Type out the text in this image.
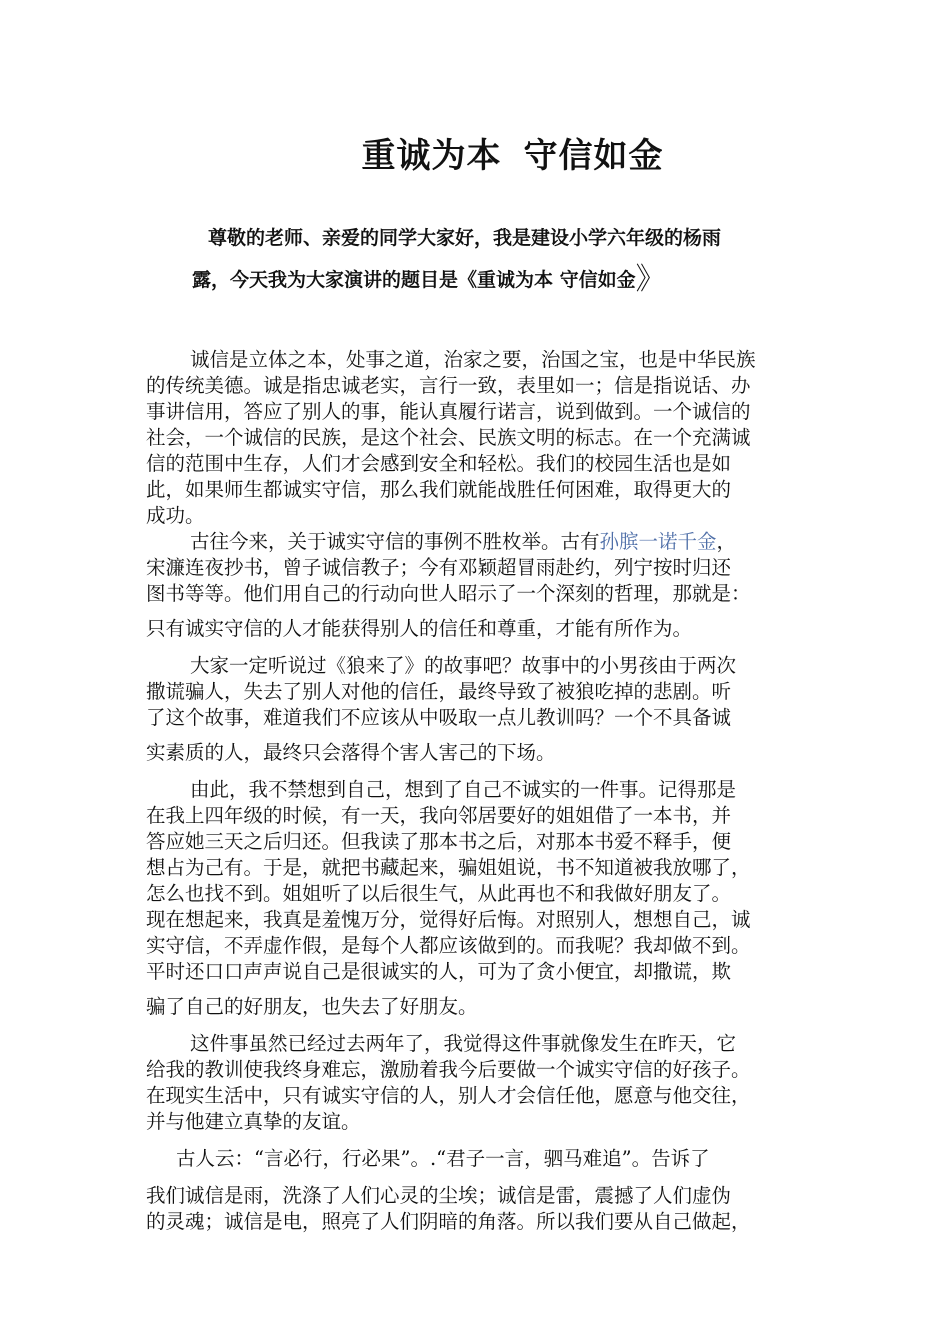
重诚为本 守信如金
尊敬的老师、亲爱的同学大家好，我是建设小学六年级的杨雨
露，今天我为大家演讲的题目是《重诚为本 守信如金》
诚信是立体之本，处事之道，治家之要，治国之宝，也是中华民族
的传统美德。诚是指忠诚老实，言行一致，表里如一；信是指说话、办
事讲信用，答应了别人的事，能认真履行诺言，说到做到。一个诚信的
社会，一个诚信的民族，是这个社会、民族文明的标志。在一个充满诚
信的范围中生存，人们才会感到安全和轻松。我们的校园生活也是如
此，如果师生都诚实守信，那么我们就能战胜任何困难，取得更大的
成功。
古往今来，关于诚实守信的事例不胜枚举。古有孙膑一诺千金，
宋濂连夜抄书，曾子诚信教子；今有邓颖超冒雨赴约，列宁按时归还
图书等等。他们用自己的行动向世人昭示了一个深刻的哲理，那就是：
只有诚实守信的人才能获得别人的信任和尊重，才能有所作为。
大家一定听说过《狼来了》的故事吧？故事中的小男孩由于两次
撒谎骗人，失去了别人对他的信任，最终导致了被狼吃掉的悲剧。听
了这个故事，难道我们不应该从中吸取一点儿教训吗？一个不具备诚
实素质的人，最终只会落得个害人害己的下场。
由此，我不禁想到自己，想到了自己不诚实的一件事。记得那是
在我上四年级的时候，有一天，我向邻居要好的姐姐借了一本书，并
答应她三天之后归还。但我读了那本书之后，对那本书爱不释手，便
想占为己有。于是，就把书藏起来，骗姐姐说，书不知道被我放哪了，
怎么也找不到。姐姐听了以后很生气，从此再也不和我做好朋友了。
现在想起来，我真是羞愧万分，觉得好后悔。对照别人，想想自己，诚
实守信，不弄虚作假，是每个人都应该做到的。而我呢？我却做不到。
平时还口口声声说自己是很诚实的人，可为了贪小便宜，却撒谎，欺
骗了自己的好朋友，也失去了好朋友。
这件事虽然已经过去两年了，我觉得这件事就像发生在昨天，它
给我的教训使我终身难忘，激励着我今后要做一个诚实守信的好孩子。
在现实生活中，只有诚实守信的人，别人才会信任他，愿意与他交往，
并与他建立真挚的友谊。
古人云：“言必行，行必果”。.“君子一言，驷马难追”。告诉了
我们诚信是雨，洗涤了人们心灵的尘埃；诚信是雷，震撼了人们虚伪
的灵魂；诚信是电，照亮了人们阴暗的角落。所以我们要从自己做起，
